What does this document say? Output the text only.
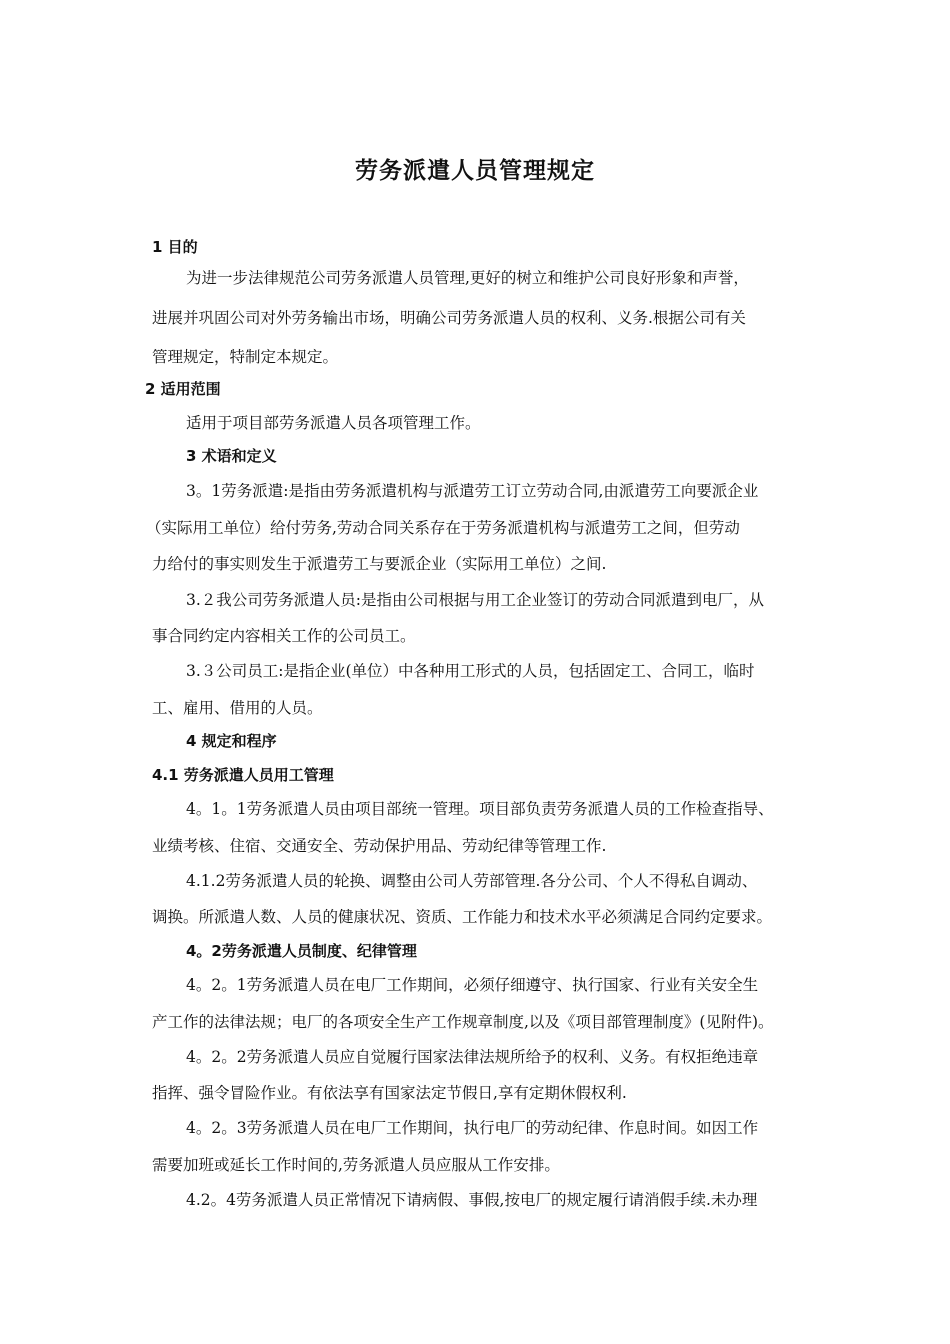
劳务派遣人员管理规定
1 目的
为进一步法律规范公司劳务派遣人员管理,更好的树立和维护公司良好形象和声誉，
进展并巩固公司对外劳务输出市场，明确公司劳务派遣人员的权利、义务.根据公司有关
管理规定，特制定本规定。
2 适用范围
适用于项目部劳务派遣人员各项管理工作。
3 术语和定义
3。1劳务派遣:是指由劳务派遣机构与派遣劳工订立劳动合同,由派遣劳工向要派企业
（实际用工单位）给付劳务,劳动合同关系存在于劳务派遣机构与派遣劳工之间，但劳动
力给付的事实则发生于派遣劳工与要派企业（实际用工单位）之间.
3.２我公司劳务派遣人员:是指由公司根据与用工企业签订的劳动合同派遣到电厂，从
事合同约定内容相关工作的公司员工。
3.３公司员工:是指企业(单位）中各种用工形式的人员，包括固定工、合同工，临时
工、雇用、借用的人员。
4 规定和程序
4.1 劳务派遣人员用工管理
4。1。1劳务派遣人员由项目部统一管理。项目部负责劳务派遣人员的工作检查指导、
业绩考核、住宿、交通安全、劳动保护用品、劳动纪律等管理工作.
4.1.2劳务派遣人员的轮换、调整由公司人劳部管理.各分公司、个人不得私自调动、
调换。所派遣人数、人员的健康状况、资质、工作能力和技术水平必须满足合同约定要求。
4。2劳务派遣人员制度、纪律管理
4。2。1劳务派遣人员在电厂工作期间，必须仔细遵守、执行国家、行业有关安全生
产工作的法律法规；电厂的各项安全生产工作规章制度,以及《项目部管理制度》(见附件)。
4。2。2劳务派遣人员应自觉履行国家法律法规所给予的权利、义务。有权拒绝违章
指挥、强令冒险作业。有依法享有国家法定节假日,享有定期休假权利.
4。2。3劳务派遣人员在电厂工作期间，执行电厂的劳动纪律、作息时间。如因工作
需要加班或延长工作时间的,劳务派遣人员应服从工作安排。
4.2。4劳务派遣人员正常情况下请病假、事假,按电厂的规定履行请消假手续.未办理
